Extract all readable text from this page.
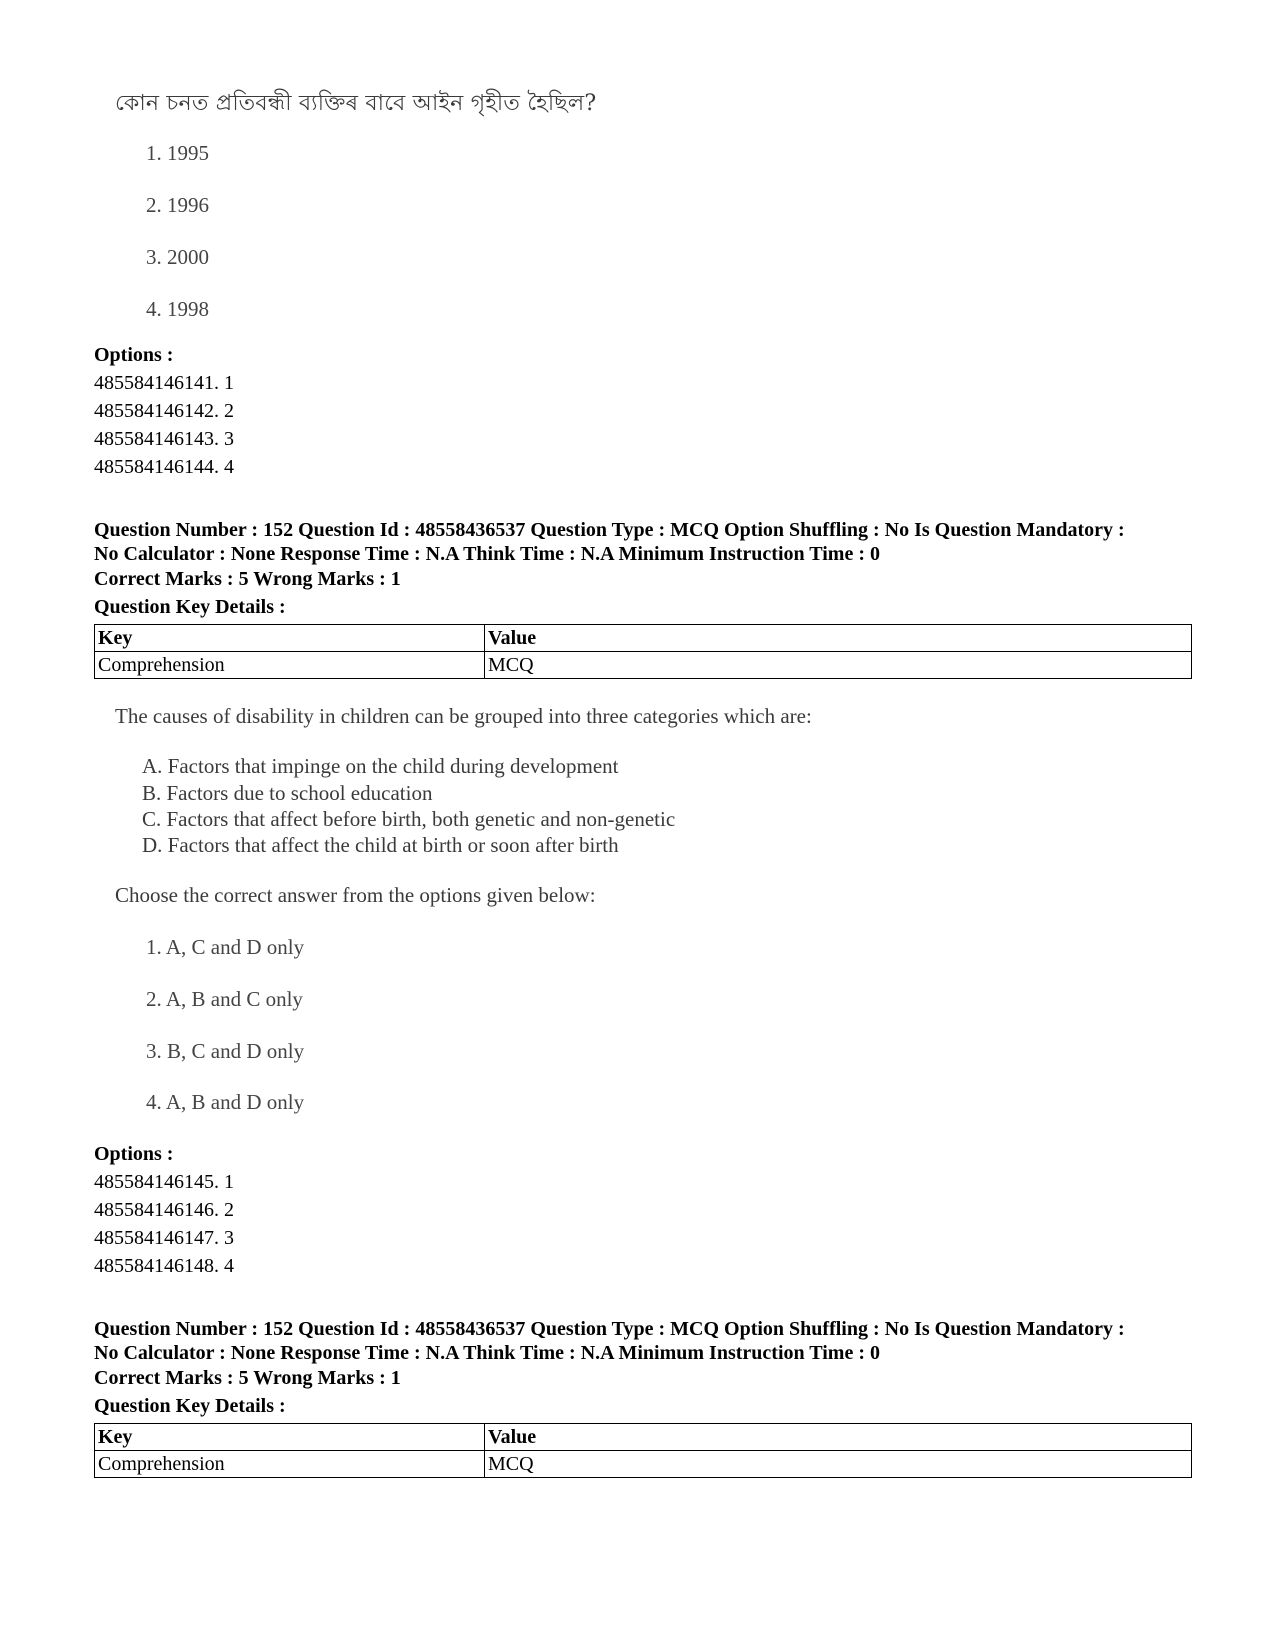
কোন চনত প্ৰতিবন্ধী ব্যক্তিৰ বাবে আইন গৃহীত হৈছিল?
1. 1995
2. 1996
3. 2000
4. 1998
Options :
485584146141. 1
485584146142. 2
485584146143. 3
485584146144. 4
Question Number : 152 Question Id : 48558436537 Question Type : MCQ Option Shuffling : No Is Question Mandatory :
No Calculator : None Response Time : N.A Think Time : N.A Minimum Instruction Time : 0
Correct Marks : 5 Wrong Marks : 1
Question Key Details :
Key	Value
Comprehension	MCQ
The causes of disability in children can be grouped into three categories which are:
A. Factors that impinge on the child during development
B. Factors due to school education
C. Factors that affect before birth, both genetic and non-genetic
D. Factors that affect the child at birth or soon after birth
Choose the correct answer from the options given below:
1. A, C and D only
2. A, B and C only
3. B, C and D only
4. A, B and D only
Options :
485584146145. 1
485584146146. 2
485584146147. 3
485584146148. 4
Question Number : 152 Question Id : 48558436537 Question Type : MCQ Option Shuffling : No Is Question Mandatory :
No Calculator : None Response Time : N.A Think Time : N.A Minimum Instruction Time : 0
Correct Marks : 5 Wrong Marks : 1
Question Key Details :
Key	Value
Comprehension	MCQ
